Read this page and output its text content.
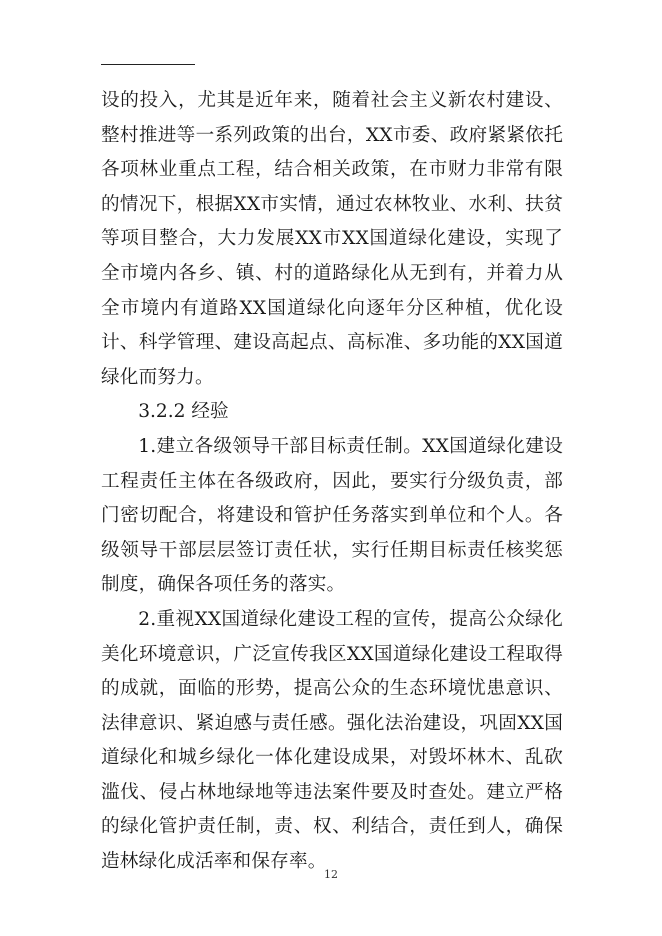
设的投入，尤其是近年来，随着社会主义新农村建设、整村推进等一系列政策的出台，XX市委、政府紧紧依托各项林业重点工程，结合相关政策，在市财力非常有限的情况下，根据XX市实情，通过农林牧业、水利、扶贫等项目整合，大力发展XX市XX国道绿化建设，实现了全市境内各乡、镇、村的道路绿化从无到有，并着力从全市境内有道路XX国道绿化向逐年分区种植，优化设计、科学管理、建设高起点、高标准、多功能的XX国道绿化而努力。

3.2.2 经验

1.建立各级领导干部目标责任制。XX国道绿化建设工程责任主体在各级政府，因此，要实行分级负责，部门密切配合，将建设和管护任务落实到单位和个人。各级领导干部层层签订责任状，实行任期目标责任核奖惩制度，确保各项任务的落实。

2.重视XX国道绿化建设工程的宣传，提高公众绿化美化环境意识，广泛宣传我区XX国道绿化建设工程取得的成就，面临的形势，提高公众的生态环境忧患意识、法律意识、紧迫感与责任感。强化法治建设，巩固XX国道绿化和城乡绿化一体化建设成果，对毁坏林木、乱砍滥伐、侵占林地绿地等违法案件要及时查处。建立严格的绿化管护责任制，责、权、利结合，责任到人，确保造林绿化成活率和保存率。

12
